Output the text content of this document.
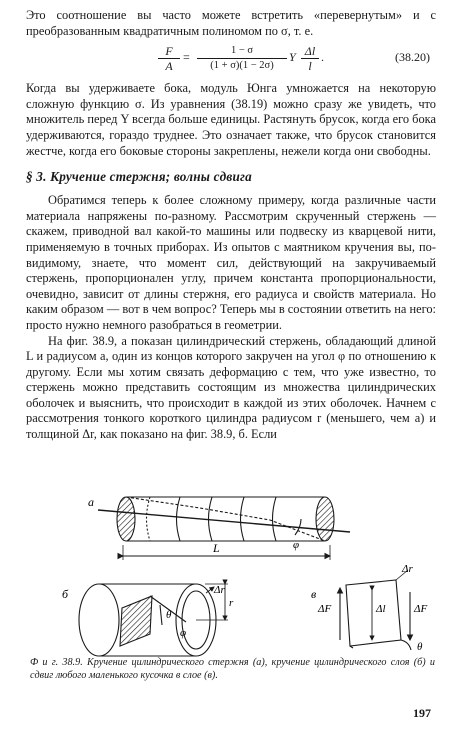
Это соотношение вы часто можете встретить «перевернутым» и с преобразованным квадратичным полиномом по σ, т. е.

$\frac{F}{A} = \frac{1 - \sigma}{(1 + \sigma)(1 - 2\sigma)}$ Y $\frac{\Delta l}{l}$ .	(38.20)

Когда вы удерживаете бока, модуль Юнга умножается на некоторую сложную функцию σ. Из уравнения (38.19) можно сразу же увидеть, что множитель перед Y всегда больше единицы. Растянуть брусок, когда его бока удерживаются, гораздо труднее. Это означает также, что брусок становится жестче, когда его боковые стороны закреплены, нежели когда они свободны.

§ 3. Кручение стержня; волны сдвига

Обратимся теперь к более сложному примеру, когда различные части материала напряжены по-разному. Рассмотрим скрученный стержень — скажем, приводной вал какой-то машины или подвеску из кварцевой нити, применяемую в точных приборах. Из опытов с маятником кручения вы, по-видимому, знаете, что момент сил, действующий на закручиваемый стержень, пропорционален углу, причем константа пропорциональности, очевидно, зависит от длины стержня, его радиуса и свойств материала. Но каким образом — вот в чем вопрос? Теперь мы в состоянии ответить на него: просто нужно немного разобраться в геометрии.

На фиг. 38.9, а показан цилиндрический стержень, обладающий длиной L и радиусом a, один из концов которого закручен на угол φ по отношению к другому. Если мы хотим связать деформацию с тем, что уже известно, то стержень можно представить состоящим из множества цилиндрических оболочек и выяснить, что происходит в каждой из этих оболочек. Начнем с рассмотрения тонкого короткого цилиндра радиусом r (меньшего, чем a) и толщиной Δr, как показано на фиг. 38.9, б. Если

а
L	φ
б	Δr
r
θ
φ
в
Δr
ΔF	Δl	ΔF
θ
Ф и г. 38.9. Кручение цилиндрического стержня (а), кручение цилиндрического слоя (б) и сдвиг любого маленького кусочка в слое (в).
197
